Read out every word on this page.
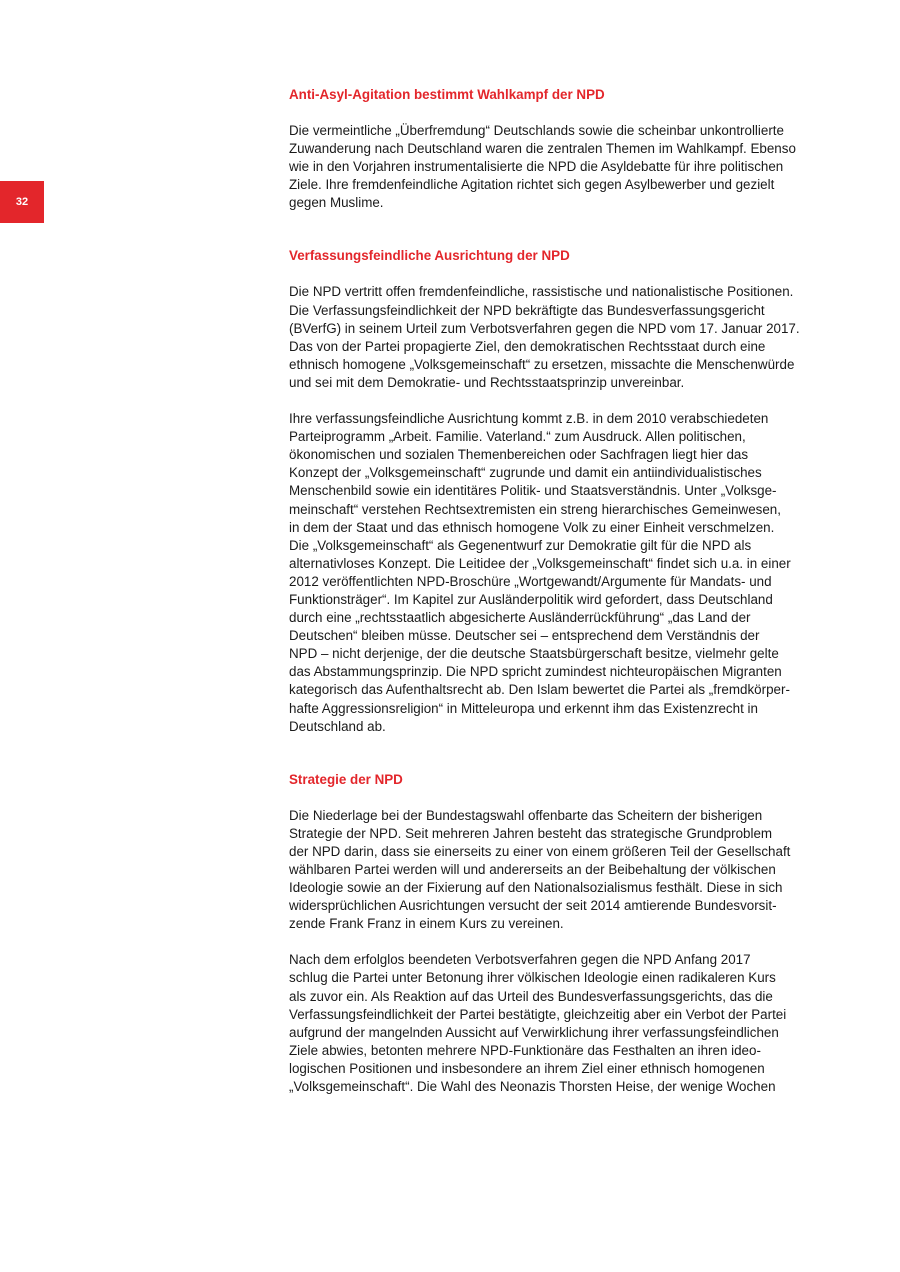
32
Anti-Asyl-Agitation bestimmt Wahlkampf der NPD

Die vermeintliche „Überfremdung“ Deutschlands sowie die scheinbar unkontrollierte
Zuwanderung nach Deutschland waren die zentralen Themen im Wahlkampf. Ebenso
wie in den Vorjahren instrumentalisierte die NPD die Asyldebatte für ihre politischen
Ziele. Ihre fremdenfeindliche Agitation richtet sich gegen Asylbewerber und gezielt
gegen Muslime.

Verfassungsfeindliche Ausrichtung der NPD

Die NPD vertritt offen fremdenfeindliche, rassistische und nationalistische Positionen.
Die Verfassungsfeindlichkeit der NPD bekräftigte das Bundesverfassungsgericht
(BVerfG) in seinem Urteil zum Verbotsverfahren gegen die NPD vom 17. Januar 2017.
Das von der Partei propagierte Ziel, den demokratischen Rechtsstaat durch eine
ethnisch homogene „Volksgemeinschaft“ zu ersetzen, missachte die Menschenwürde
und sei mit dem Demokratie- und Rechtsstaatsprinzip unvereinbar.

Ihre verfassungsfeindliche Ausrichtung kommt z.B. in dem 2010 verabschiedeten
Parteiprogramm „Arbeit. Familie. Vaterland.“ zum Ausdruck. Allen politischen,
ökonomischen und sozialen Themenbereichen oder Sachfragen liegt hier das
Konzept der „Volksgemeinschaft“ zugrunde und damit ein antiindividualistisches
Menschenbild sowie ein identitäres Politik- und Staatsverständnis. Unter „Volksge-
meinschaft“ verstehen Rechtsextremisten ein streng hierarchisches Gemeinwesen,
in dem der Staat und das ethnisch homogene Volk zu einer Einheit verschmelzen.
Die „Volksgemeinschaft“ als Gegenentwurf zur Demokratie gilt für die NPD als
alternativloses Konzept. Die Leitidee der „Volksgemeinschaft“ findet sich u.a. in einer
2012 veröffentlichten NPD-Broschüre „Wortgewandt/Argumente für Mandats- und
Funktionsträger“. Im Kapitel zur Ausländerpolitik wird gefordert, dass Deutschland
durch eine „rechtsstaatlich abgesicherte Ausländerrückführung“ „das Land der
Deutschen“ bleiben müsse. Deutscher sei – entsprechend dem Verständnis der
NPD – nicht derjenige, der die deutsche Staatsbürgerschaft besitze, vielmehr gelte
das Abstammungsprinzip. Die NPD spricht zumindest nichteuropäischen Migranten
kategorisch das Aufenthaltsrecht ab. Den Islam bewertet die Partei als „fremdkörper-
hafte Aggressionsreligion“ in Mitteleuropa und erkennt ihm das Existenzrecht in
Deutschland ab.

Strategie der NPD

Die Niederlage bei der Bundestagswahl offenbarte das Scheitern der bisherigen
Strategie der NPD. Seit mehreren Jahren besteht das strategische Grundproblem
der NPD darin, dass sie einerseits zu einer von einem größeren Teil der Gesellschaft
wählbaren Partei werden will und andererseits an der Beibehaltung der völkischen
Ideologie sowie an der Fixierung auf den Nationalsozialismus festhält. Diese in sich
widersprüchlichen Ausrichtungen versucht der seit 2014 amtierende Bundesvorsit-
zende Frank Franz in einem Kurs zu vereinen.

Nach dem erfolglos beendeten Verbotsverfahren gegen die NPD Anfang 2017
schlug die Partei unter Betonung ihrer völkischen Ideologie einen radikaleren Kurs
als zuvor ein. Als Reaktion auf das Urteil des Bundesverfassungsgerichts, das die
Verfassungsfeindlichkeit der Partei bestätigte, gleichzeitig aber ein Verbot der Partei
aufgrund der mangelnden Aussicht auf Verwirklichung ihrer verfassungsfeindlichen
Ziele abwies, betonten mehrere NPD-Funktionäre das Festhalten an ihren ideo-
logischen Positionen und insbesondere an ihrem Ziel einer ethnisch homogenen
„Volksgemeinschaft“. Die Wahl des Neonazis Thorsten Heise, der wenige Wochen
